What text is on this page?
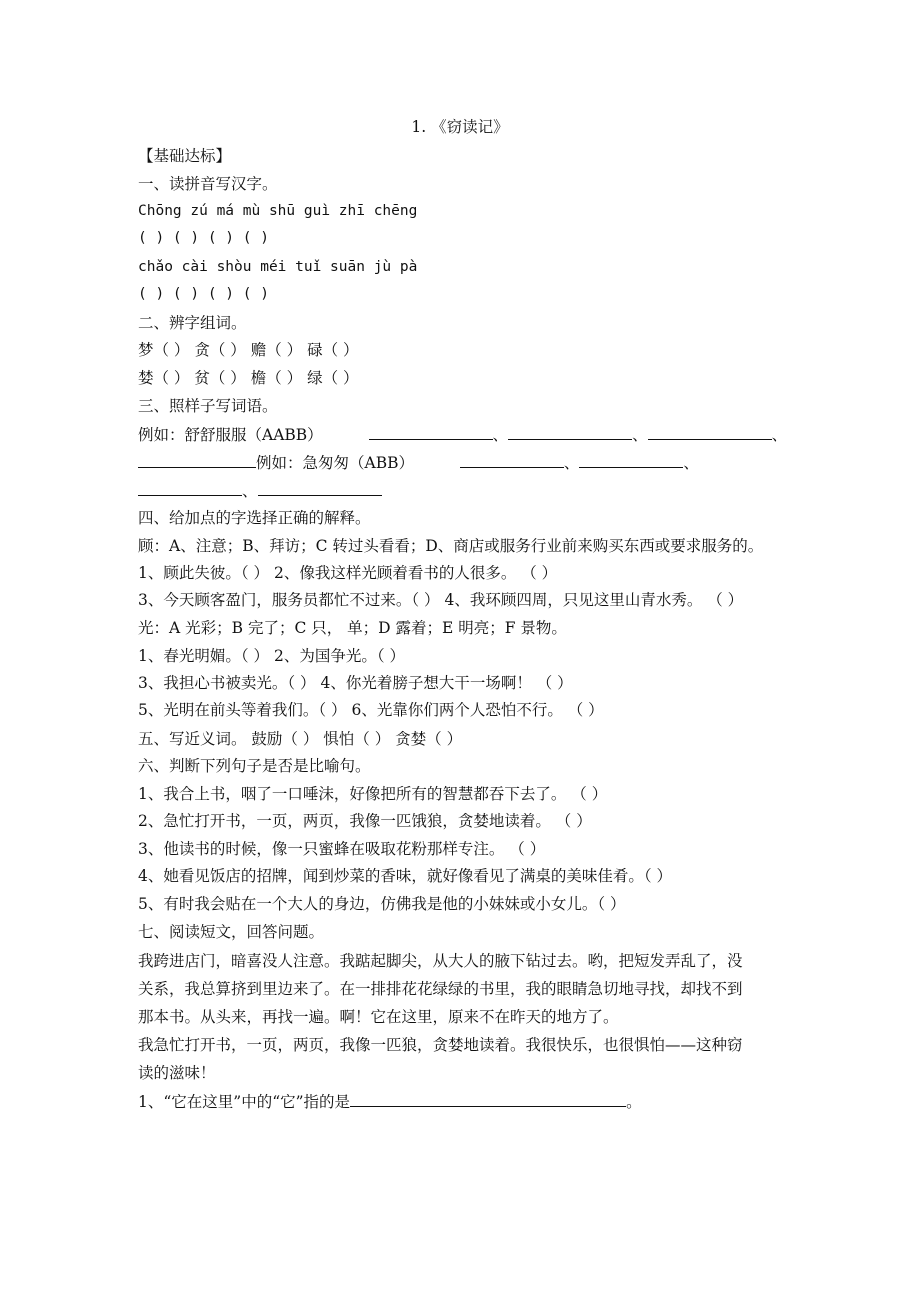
1. 《窃读记》
【基础达标】
一、读拼音写汉字。
Chōng zú má mù shū guì zhī chēng
( ) ( ) ( ) ( )
chǎo cài shòu méi tuǐ suān jù pà
( ) ( ) ( ) ( )
二、辨字组词。
梦（ ） 贪（ ） 赡（ ） 碌（ ）
婪（ ） 贫（ ） 檐（ ） 绿（ ）
三、照样子写词语。
例如：舒舒服服（AABB）	、	、	、
例如：急匆匆（ABB）	、	、
、
四、给加点的字选择正确的解释。
顾：A、注意；B、拜访；C 转过头看看；D、商店或服务行业前来购买东西或要求服务的。
1、顾此失彼。（ ） 2、像我这样光顾着看书的人很多。 （ ）
3、今天顾客盈门，服务员都忙不过来。（ ） 4、我环顾四周，只见这里山青水秀。 （ ）
光：A 光彩；B 完了；C 只， 单；D 露着；E 明亮；F 景物。
1、春光明媚。（ ） 2、为国争光。（ ）
3、我担心书被卖光。（ ） 4、你光着膀子想大干一场啊！ （ ）
5、光明在前头等着我们。（ ） 6、光靠你们两个人恐怕不行。 （ ）
五、写近义词。 鼓励（ ） 惧怕（ ） 贪婪（ ）
六、判断下列句子是否是比喻句。
1、我合上书，咽了一口唾沫，好像把所有的智慧都吞下去了。 （ ）
2、急忙打开书，一页，两页，我像一匹饿狼，贪婪地读着。 （ ）
3、他读书的时候，像一只蜜蜂在吸取花粉那样专注。 （ ）
4、她看见饭店的招牌，闻到炒菜的香味，就好像看见了满桌的美味佳肴。（ ）
5、有时我会贴在一个大人的身边，仿佛我是他的小妹妹或小女儿。（ ）
七、阅读短文，回答问题。
我跨进店门，暗喜没人注意。我踮起脚尖，从大人的腋下钻过去。哟，把短发弄乱了，没
关系，我总算挤到里边来了。在一排排花花绿绿的书里，我的眼睛急切地寻找，却找不到
那本书。从头来，再找一遍。啊！它在这里，原来不在昨天的地方了。
我急忙打开书，一页，两页，我像一匹狼，贪婪地读着。我很快乐，也很惧怕——这种窃
读的滋味！
1、“它在这里”中的“它”指的是	。
